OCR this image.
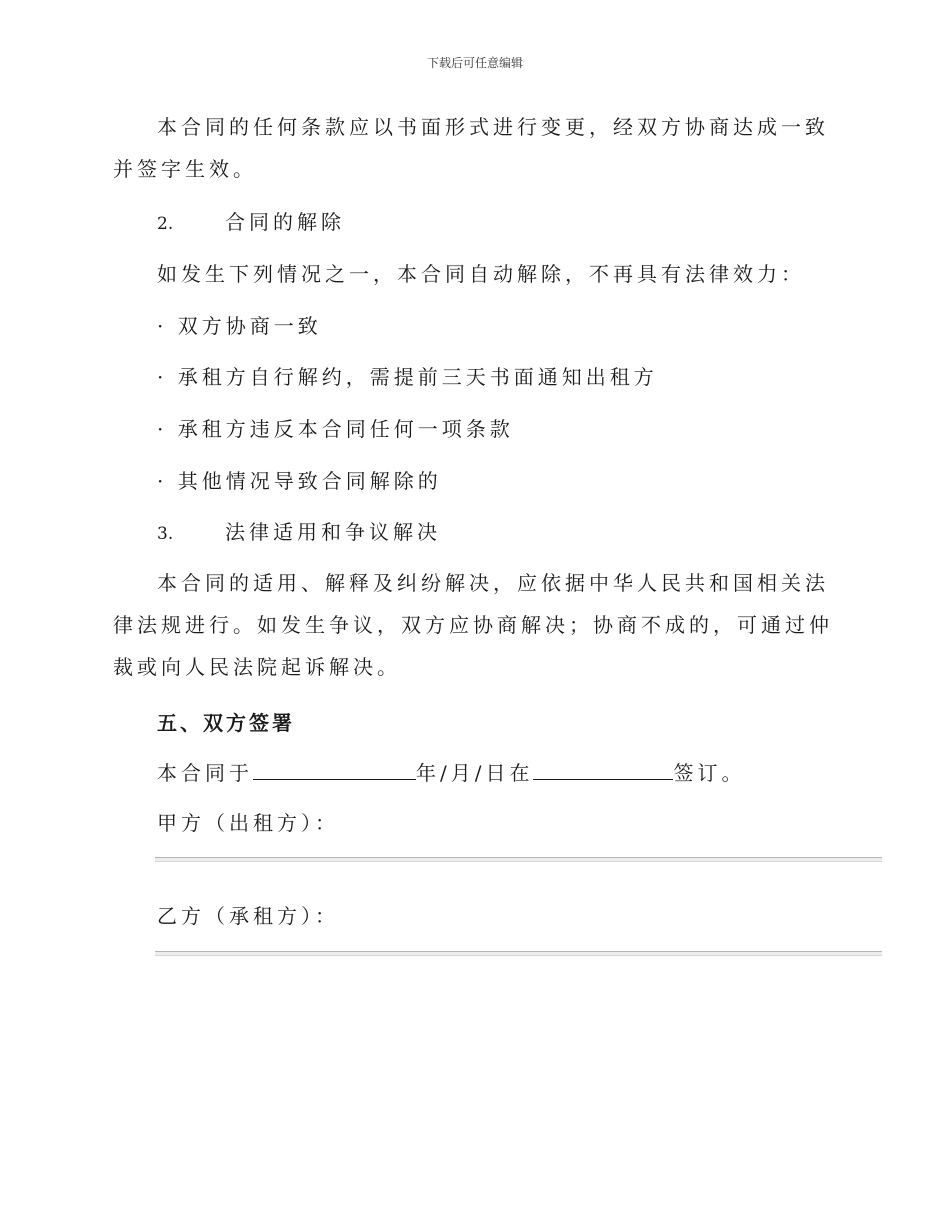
下载后可任意编辑

本合同的任何条款应以书面形式进行变更，经双方协商达成一致并签字生效。

2.	合同的解除
如发生下列情况之一，本合同自动解除，不再具有法律效力：
· 双方协商一致
· 承租方自行解约，需提前三天书面通知出租方
· 承租方违反本合同任何一项条款
· 其他情况导致合同解除的
3.	法律适用和争议解决

本合同的适用、解释及纠纷解决，应依据中华人民共和国相关法律法规进行。如发生争议，双方应协商解决；协商不成的，可通过仲裁或向人民法院起诉解决。

五、双方签署
本合同于	年/月/日在	签订。
甲方（出租方）：
乙方（承租方）：
